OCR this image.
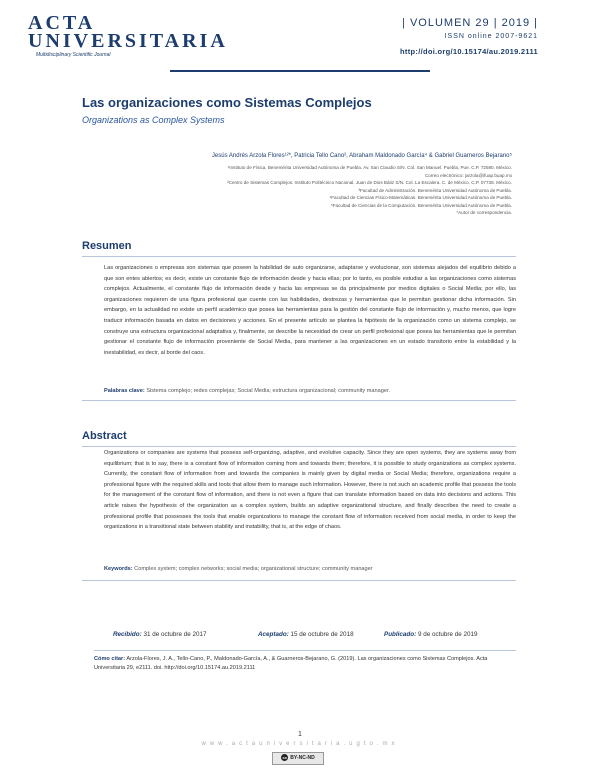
ACTA
UNIVERSITARIA
Multidisciplinary Scientific Journal
| VOLUMEN 29 | 2019 |
ISSN online 2007-9621
http://doi.org/10.15174/au.2019.2111
Las organizaciones como Sistemas Complejos
Organizations as Complex Systems
Jesús Andrés Arzola Flores¹²*, Patricia Tello Cano², Abraham Maldonado García⁴ & Gabriel Guarneros Bejarano⁵
¹Instituto de Física. Benemérita Universidad Autónoma de Puebla. Av. San Claudio S/N. Col. San Manuel. Puebla, Pue. C.P. 72590. México.
Correo electrónico: jarzola@ifuap.buap.mx
²Centro de Sistemas Complejos. Instituto Politécnico Nacional. Juan de Dios Bátiz S/N. Col. La Escalera. C. de México. C.P. 07738. México.
³Facultad de Administración. Benemérita Universidad Autónoma de Puebla.
⁴Facultad de Ciencias Físico-Matemáticas. Benemérita Universidad Autónoma de Puebla.
⁵Facultad de Ciencias de la Computación. Benemérita Universidad Autónoma de Puebla.
*Autor de correspondencia.
Resumen
Las organizaciones o empresas son sistemas que poseen la habilidad de auto organizarse, adaptarse y evolucionar, son sistemas alejados del equilibrio debido a que son entes abiertos; es decir, existe un constante flujo de información desde y hacia ellas; por lo tanto, es posible estudiar a las organizaciones como sistemas complejos. Actualmente, el constante flujo de información desde y hacia las empresas se da principalmente por medios digitales o Social Media; por ello, las organizaciones requieren de una figura profesional que cuente con las habilidades, destrezas y herramientas que le permitan gestionar dicha información. Sin embargo, en la actualidad no existe un perfil académico que posea las herramientas para la gestión del constante flujo de información y, mucho menos, que logre traducir información basada en datos en decisiones y acciones. En el presente artículo se plantea la hipótesis de la organización como un sistema complejo, se construye una estructura organizacional adaptativa y, finalmente, se describe la necesidad de crear un perfil profesional que posea las herramientas que le permitan gestionar el constante flujo de información proveniente de Social Media, para mantener a las organizaciones en un estado transitorio entre la estabilidad y la inestabilidad, es decir, al borde del caos.
Palabras clave: Sistema complejo; redes complejas; Social Media; estructura organizacional; community manager.
Abstract
Organizations or companies are systems that possess self-organizing, adaptive, and evolutive capacity. Since they are open systems, they are systems away from equilibrium; that is to say, there is a constant flow of information coming from and towards them; therefore, it is possible to study organizations as complex systems. Currently, the constant flow of information from and towards the companies is mainly given by digital media or Social Media; therefore, organizations require a professional figure with the required skills and tools that allow them to manage such information. However, there is not such an academic profile that possess the tools for the management of the constant flow of information, and there is not even a figure that can translate information based on data into decisions and actions. This article raises the hypothesis of the organization as a complex system, builds an adaptive organizational structure, and finally describes the need to create a professional profile that possesses the tools that enable organizations to manage the constant flow of information received from social media, in order to keep the organizations in a transitional state between stability and instability, that is, at the edge of chaos.
Keywords: Complex system; complex networks; social media; organizational structure; community manager
Recibido: 31 de octubre de 2017	Aceptado: 15 de octubre de 2018	Publicado: 9 de octubre de 2019
Cómo citar: Arzola-Flores, J. A., Tello-Cano, P., Maldonado-García, A., & Guarneros-Bejarano, G. (2019). Las organizaciones como Sistemas Complejos. Acta Universitaria 29, e2111. doi. http://doi.org/10.15174.au.2019.2111
1
www.actauniversitaria.ugto.mx
cc BY-NC-ND
